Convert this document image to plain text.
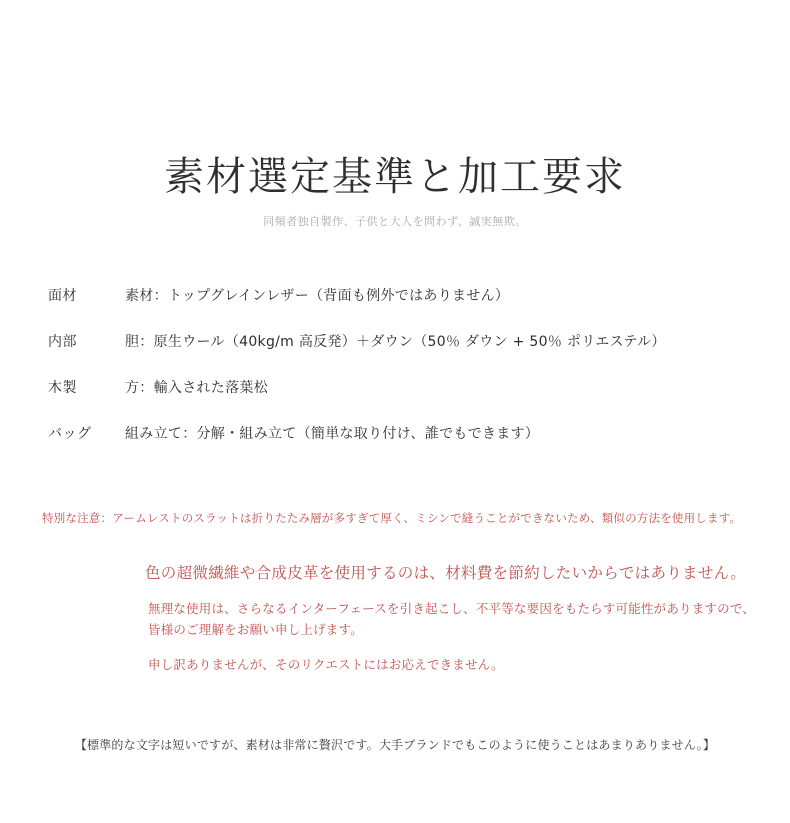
素材選定基準と加工要求

同頻者独自製作、子供と大人を問わず、誠実無欺。

面材	素材：トップグレインレザー（背面も例外ではありません）
内部	胆：原生ウール（40kg/m 高反発）＋ダウン（50％ ダウン + 50％ ポリエステル）
木製	方：輸入された落葉松
バッグ	組み立て：分解・組み立て（簡単な取り付け、誰でもできます）
特別な注意：アームレストのスラットは折りたたみ層が多すぎて厚く、ミシンで縫うことができないため、類似の方法を使用します。
色の超微繊維や合成皮革を使用するのは、材料費を節約したいからではありません。
無理な使用は、さらなるインターフェースを引き起こし、不平等な要因をもたらす可能性がありますので、皆様のご理解をお願い申し上げます。
申し訳ありませんが、そのリクエストにはお応えできません。
【標準的な文字は短いですが、素材は非常に贅沢です。大手ブランドでもこのように使うことはあまりありません。】
